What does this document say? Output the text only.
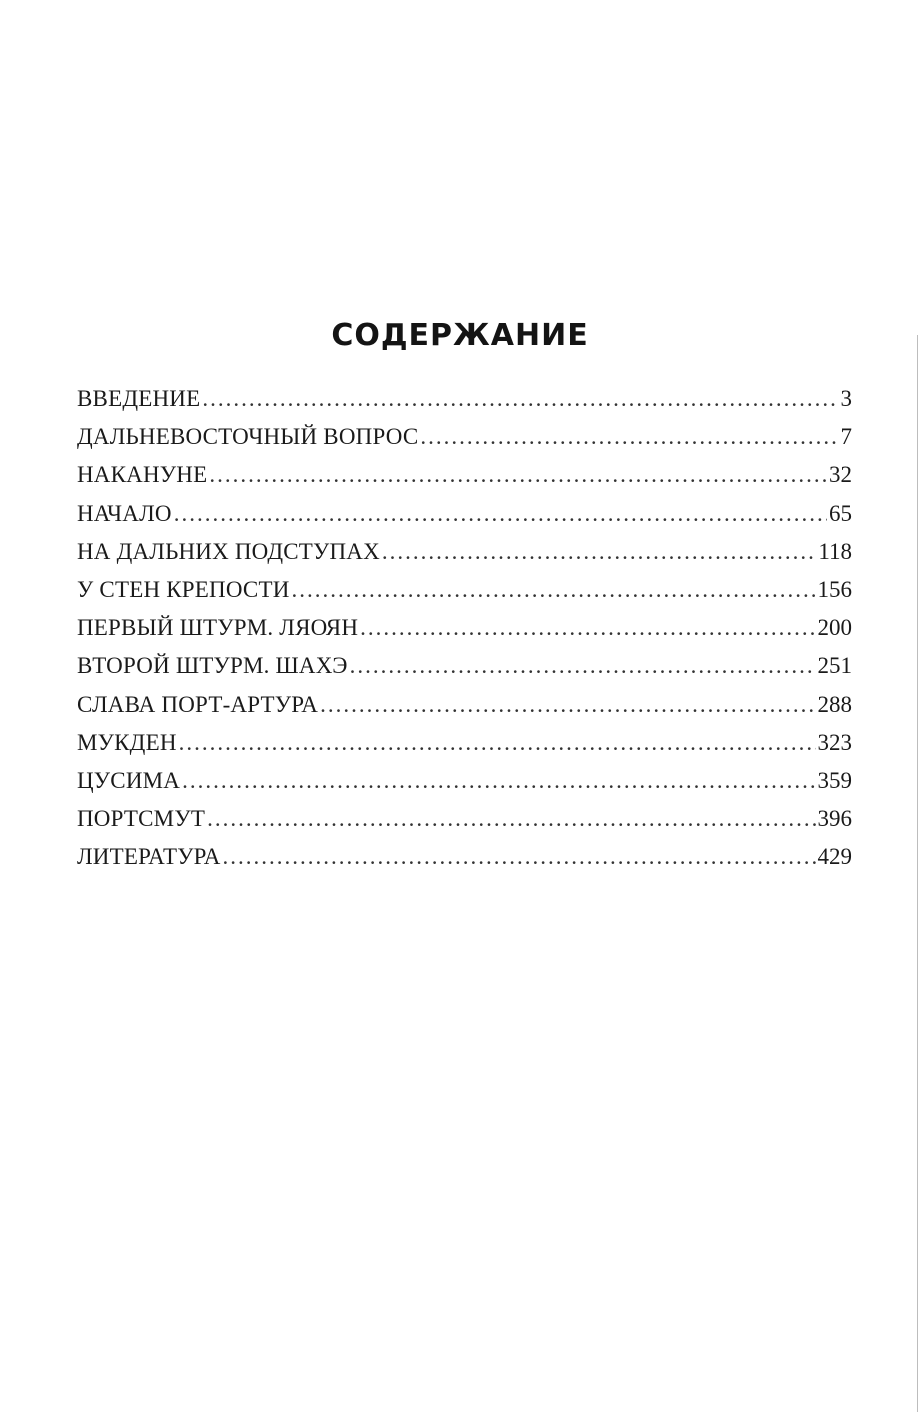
СОДЕРЖАНИЕ
ВВЕДЕНИЕ .....	3
ДАЛЬНЕВОСТОЧНЫЙ ВОПРОС .....	7
НАКАНУНЕ .....	32
НАЧАЛО .....	65
НА ДАЛЬНИХ ПОДСТУПАХ .....	118
У СТЕН КРЕПОСТИ .....	156
ПЕРВЫЙ ШТУРМ. ЛЯОЯН .....	200
ВТОРОЙ ШТУРМ. ШАХЭ .....	251
СЛАВА ПОРТ-АРТУРА .....	288
МУКДЕН .....	323
ЦУСИМА .....	359
ПОРТСМУТ .....	396
ЛИТЕРАТУРА .....	429
